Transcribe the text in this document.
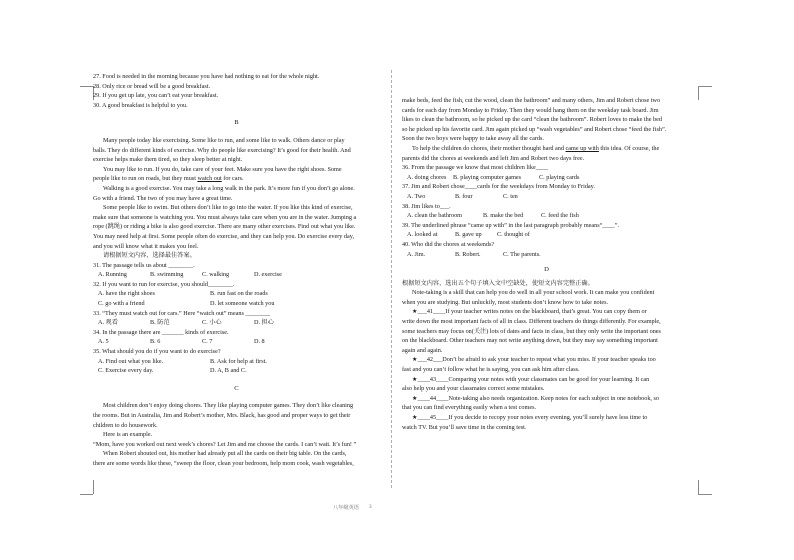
27. Food is needed in the morning because you have had nothing to eat for the whole night.
28. Only rice or bread will be a good breakfast.
29. If you get up late, you can’t eat your breakfast.
30. A good breakfast is helpful to you.
B
Many people today like exercising. Some like to run, and some like to walk. Others dance or play
balls. They do different kinds of exercise. Why do people like exercising? It’s good for their health. And
exercise helps make them tired, so they sleep better at night.
You may like to run. If you do, take care of your feet. Make sure you have the right shoes. Some
people like to run on roads, but they must watch out for cars.
Walking is a good exercise. You may take a long walk in the park. It’s more fun if you don’t go alone.
Go with a friend. The two of you may have a great time.
Some people like to swim. But others don’t like to go into the water. If you like this kind of exercise,
make sure that someone is watching you. You must always take care when you are in the water. Jumping a
rope (跳绳) or riding a bike is also good exercise. There are many other exercises. Find out what you like.
You may need help at first. Some people often do exercise, and they can help you. Do exercise every day,
and you will know what it makes you feel.
请根据短文内容，选择最佳答案。
31. The passage tells us about ________.
A. Running	B. swimming	C. walking	D. exercise
32. If you want to run for exercise, you should________.
A. have the right shoes	B. run fast on the roads
C. go with a friend	D. let someone watch you
33. “They must watch out for cars.” Here “watch out” means ________
A. 观看	B. 防范	C. 小心	D. 担心
34. In the passage there are _______ kinds of exercise.
A. 5	B. 6	C. 7	D. 8
35. What should you do if you want to do exercise?
A. Find out what you like.	B. Ask for help at first.
C. Exercise every day.	D. A, B and C.
C
Most children don’t enjoy doing chores. They like playing computer games. They don’t like cleaning
the rooms. But in Australia, Jim and Robert’s mother, Mrs. Black, has good and proper ways to get their
children to do housework.
Here is an example.
“Mom, have you worked out next week’s chores? Let Jim and me choose the cards. I can’t wait. It’s fun! ”
When Robert shouted out, his mother had already put all the cards on their big table. On the cards,
there are some words like these, “sweep the floor, clean your bedroom, help mom cook, wash vegetables,
make beds, feed the fish, cut the wood, clean the bathroom” and many others, Jim and Robert chose two
cards for each day from Monday to Friday. Then they would hang them on the weekday task board. Jim
likes to clean the bathroom, so he picked up the card “clean the bathroom”. Robert loves to make the bed
so he picked up his favorite card. Jim again picked up “wash vegetables” and Robert chose “feed the fish”.
Soon the two boys were happy to take away all the cards.
To help the children do chores, their mother thought hard and came up with this idea. Of course, the
parents did the chores at weekends and left Jim and Robert two days free.
36. From the passage we know that most children like____
A. doing chores	B. playing computer games	C. playing cards
37. Jim and Robert chose____cards for the weekdays from Monday to Friday.
A. Two	B. four	C. ten
38. Jim likes to___.
A. clean the bathroom	B. make the bed	C. feed the fish
39. The underlined phrase “came up with” in the last paragraph probably means“____”.
A. looked at	B. gave up	C. thought of
40. Who did the chores at weekends?
A. Jim.	B. Robert.	C. The parents.
D
根据短文内容，选出五个句子填入文中空缺处，使短文内容完整正确。
Note-taking is a skill that can help you do well in all your school work. It can make you confident
when you are studying. But unluckily, most students don’t know how to take notes.
★___41____If your teacher writes notes on the blackboard, that’s great. You can copy them or
write down the most important facts of all in class. Different teachers do things differently. For example,
some teachers may focus on(关注) lots of dates and facts in class, but they only write the important ones
on the blackboard. Other teachers may not write anything down, but they may say something important
again and again.
★___42___Don’t be afraid to ask your teacher to repeat what you miss. If your teacher speaks too
fast and you can’t follow what he is saying, you can ask him after class.
★____43____Comparing your notes with your classmates can be good for your learning. It can
also help you and your classmates correct some mistakes.
★____44____Note-taking also needs organization. Keep notes for each subject in one notebook, so
that you can find everything easily when a test comes.
★____45____If you decide to recopy your notes every evening, you’ll surely have less time to
watch TV. But you’ll save time in the coming test.
八年级英语 3
